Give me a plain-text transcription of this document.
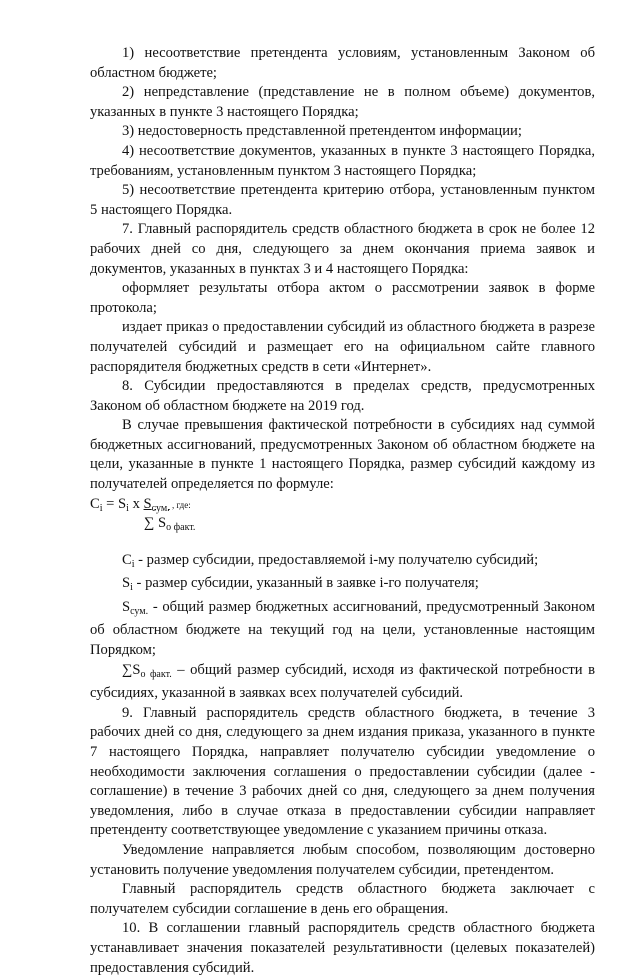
1) несоответствие претендента условиям, установленным Законом об областном бюджете;

2) непредставление (представление не в полном объеме) документов, указанных в пункте 3 настоящего Порядка;

3) недостоверность представленной претендентом информации;

4) несоответствие документов, указанных в пункте 3 настоящего Порядка, требованиям, установленным пунктом 3 настоящего Порядка;

5) несоответствие претендента критерию отбора, установленным пунктом 5 настоящего Порядка.

7. Главный распорядитель средств областного бюджета в срок не более 12 рабочих дней со дня, следующего за днем окончания приема заявок и документов, указанных в пунктах 3 и 4 настоящего Порядка:

оформляет результаты отбора актом о рассмотрении заявок в форме протокола;

издает приказ о предоставлении субсидий из областного бюджета в разрезе получателей субсидий и размещает его на официальном сайте главного распорядителя бюджетных средств в сети «Интернет».

8. Субсидии предоставляются в пределах средств, предусмотренных Законом об областном бюджете на 2019 год.

В случае превышения фактической потребности в субсидиях над суммой бюджетных ассигнований, предусмотренных Законом об областном бюджете на цели, указанные в пункте 1 настоящего Порядка, размер субсидий каждому из получателей определяется по формуле:

$C_i = S_i$ x $S_{сум.}$ , где:
∑ $S_{о факт.}$

$C_i$ - размер субсидии, предоставляемой i-му получателю субсидий;

$S_i$ - размер субсидии, указанный в заявке i-го получателя;

$S_{сум.}$ - общий размер бюджетных ассигнований, предусмотренный Законом об областном бюджете на текущий год на цели, установленные настоящим Порядком;

$\sum S_{о факт.}$ – общий размер субсидий, исходя из фактической потребности в субсидиях, указанной в заявках всех получателей субсидий.

9. Главный распорядитель средств областного бюджета, в течение 3 рабочих дней со дня, следующего за днем издания приказа, указанного в пункте 7 настоящего Порядка, направляет получателю субсидии уведомление о необходимости заключения соглашения о предоставлении субсидии (далее - соглашение) в течение 3 рабочих дней со дня, следующего за днем получения уведомления, либо в случае отказа в предоставлении субсидии направляет претенденту соответствующее уведомление с указанием причины отказа.

Уведомление направляется любым способом, позволяющим достоверно установить получение уведомления получателем субсидии, претендентом.

Главный распорядитель средств областного бюджета заключает с получателем субсидии соглашение в день его обращения.

10. В соглашении главный распорядитель средств областного бюджета устанавливает значения показателей результативности (целевых показателей) предоставления субсидий.
